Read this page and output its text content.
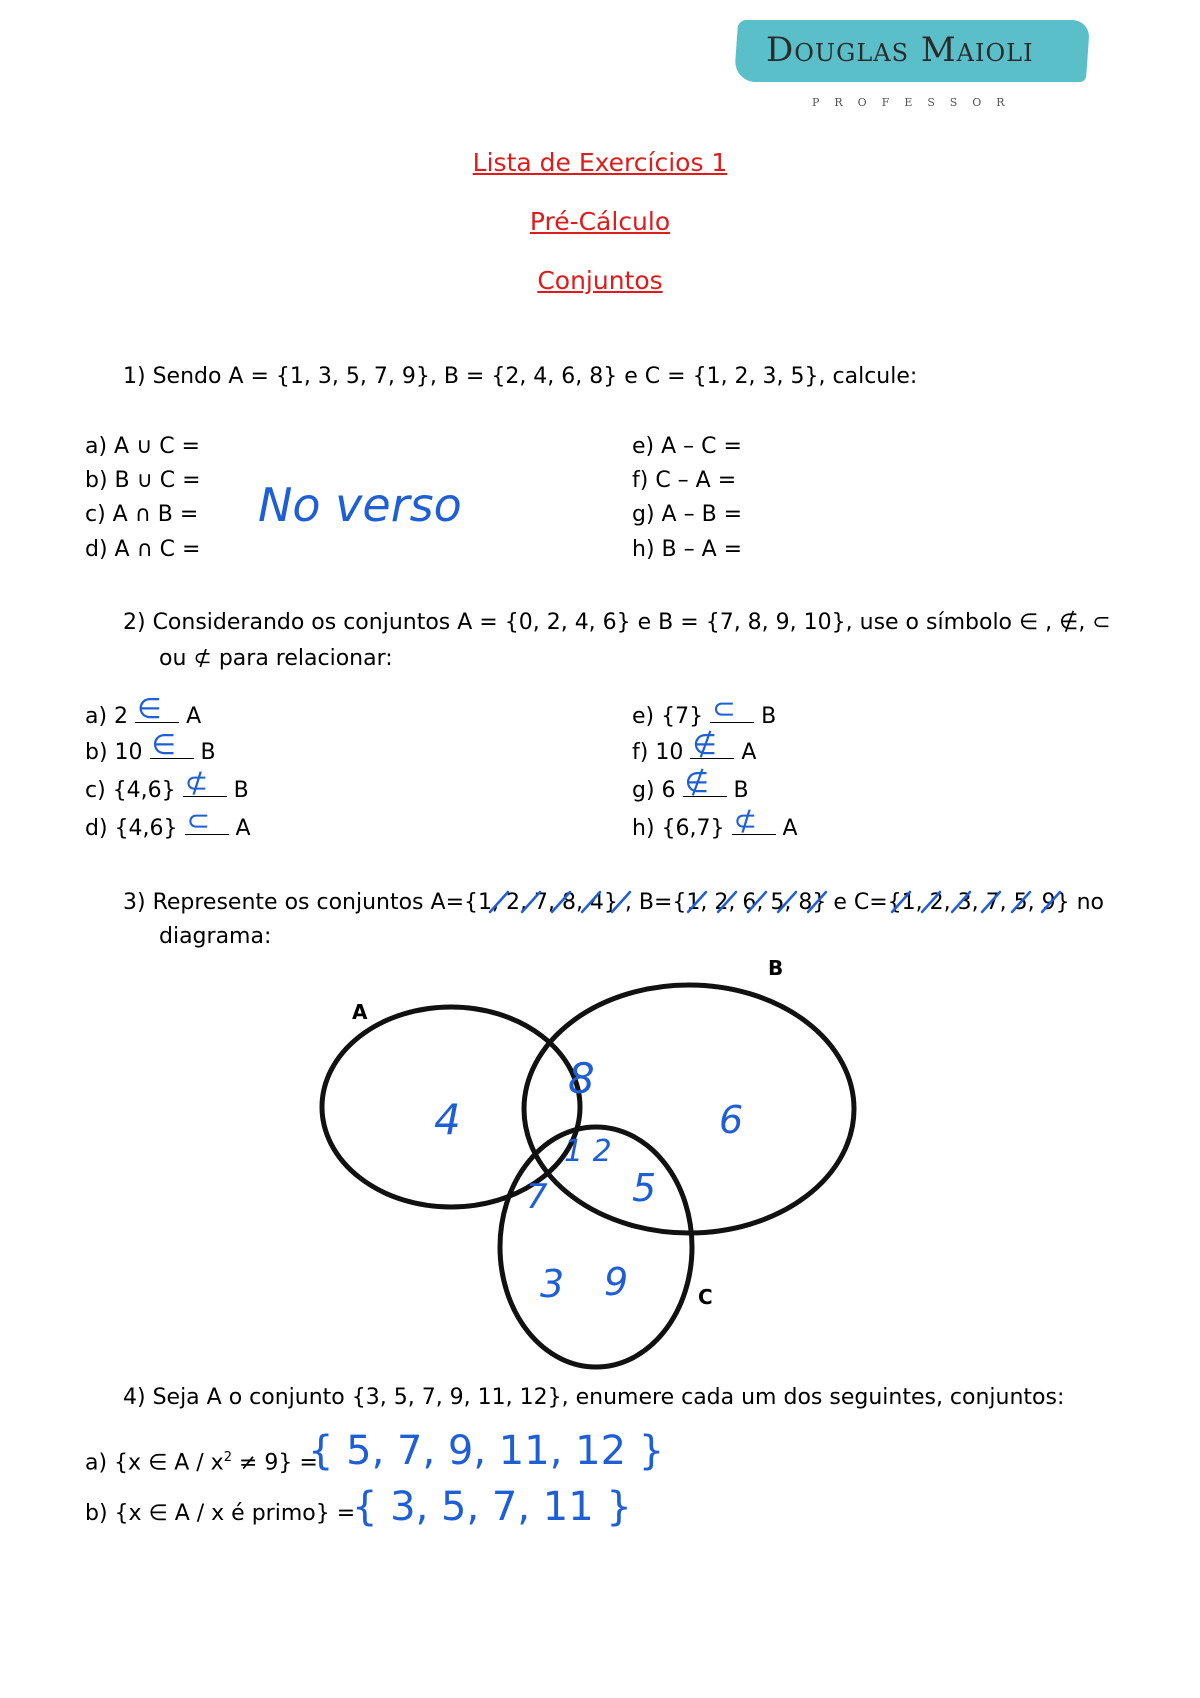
Douglas Maioli
PROFESSOR
Lista de Exercícios 1
Pré-Cálculo
Conjuntos
1) Sendo A = {1, 3, 5, 7, 9}, B = {2, 4, 6, 8} e C = {1, 2, 3, 5}, calcule:
a) A ∪ C =
b) B ∪ C =
c) A ∩ B =
d) A ∩ C =
e) A – C =
f) C – A =
g) A – B =
h) B – A =
No verso
2) Considerando os conjuntos A = {0, 2, 4, 6} e B = {7, 8, 9, 10}, use o símbolo ∈ , ∉, ⊂
ou ⊄ para relacionar:
a) 2 ∈ A
b) 10 ∈ B
c) {4,6} ⊄ B
d) {4,6} ⊂ A
e) {7} ⊂ B
f) 10 ∉ A
g) 6 ∉ B
h) {6,7} ⊄ A
3) Represente os conjuntos A={1, 2, 7, 8, 4} , B={1, 2, 6, 5, 8} e C={1, 2, 3, 7, 5, 9} no
diagrama:
A
B
C
4
8
6
1 2
7 5
3 9
4) Seja A o conjunto {3, 5, 7, 9, 11, 12}, enumere cada um dos seguintes, conjuntos:
a) {x ∈ $A / x^2 \ne 9$} =
{ 5, 7, 9, 11, 12 }
b) {x ∈ A / x é primo} =
{ 3, 5, 7, 11 }
